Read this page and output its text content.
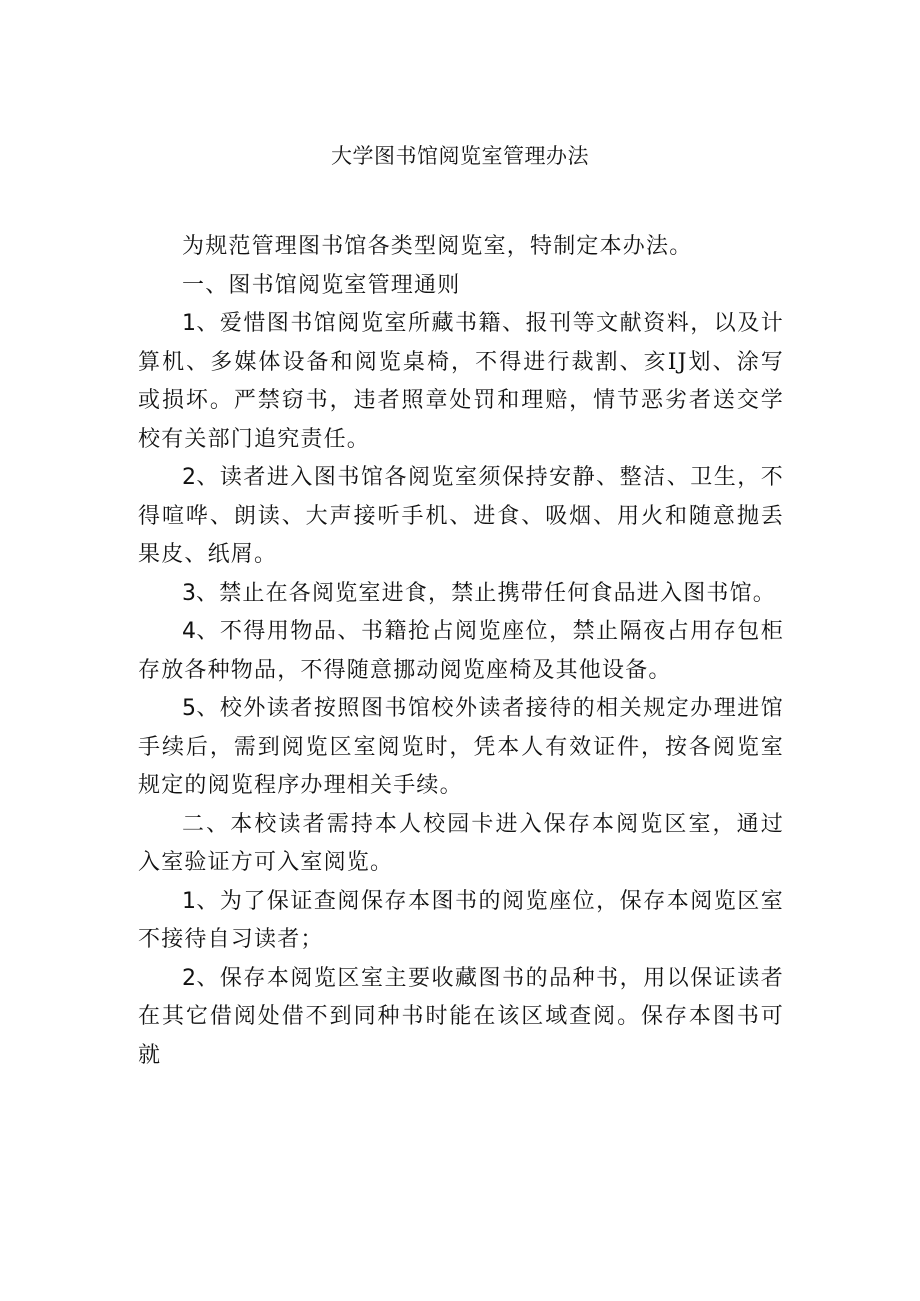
大学图书馆阅览室管理办法

为规范管理图书馆各类型阅览室，特制定本办法。

一、图书馆阅览室管理通则

1、爱惜图书馆阅览室所藏书籍、报刊等文献资料，以及计算机、多媒体设备和阅览桌椅，不得进行裁割、亥IJ划、涂写或损坏。严禁窃书，违者照章处罚和理赔，情节恶劣者送交学校有关部门追究责任。

2、读者进入图书馆各阅览室须保持安静、整洁、卫生，不得喧哗、朗读、大声接听手机、进食、吸烟、用火和随意抛丢果皮、纸屑。

3、禁止在各阅览室进食，禁止携带任何食品进入图书馆。

4、不得用物品、书籍抢占阅览座位，禁止隔夜占用存包柜存放各种物品，不得随意挪动阅览座椅及其他设备。

5、校外读者按照图书馆校外读者接待的相关规定办理进馆手续后，需到阅览区室阅览时，凭本人有效证件，按各阅览室规定的阅览程序办理相关手续。

二、本校读者需持本人校园卡进入保存本阅览区室，通过入室验证方可入室阅览。

1、为了保证查阅保存本图书的阅览座位，保存本阅览区室不接待自习读者；

2、保存本阅览区室主要收藏图书的品种书，用以保证读者在其它借阅处借不到同种书时能在该区域查阅。保存本图书可就
